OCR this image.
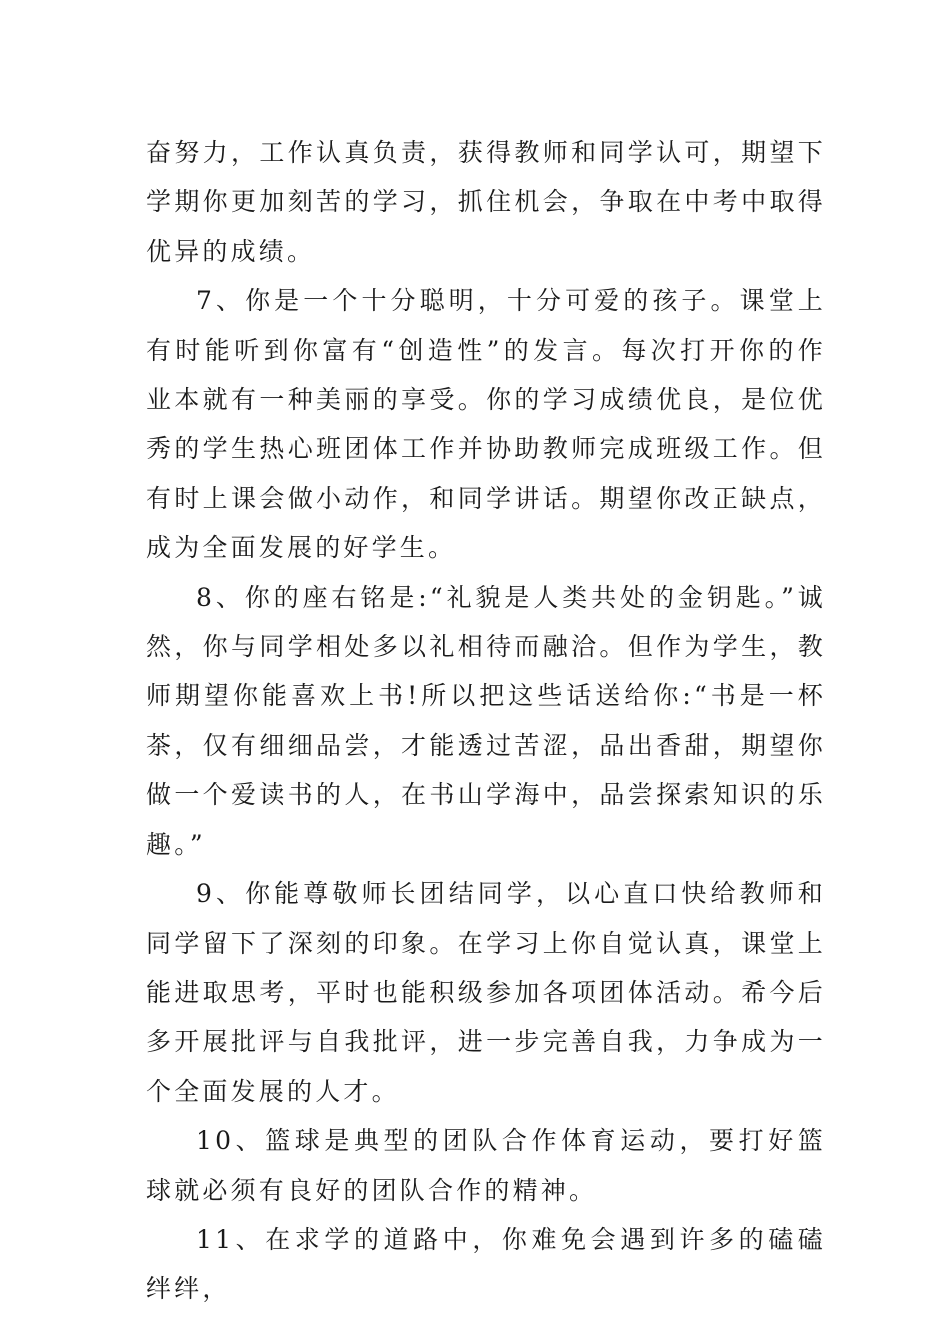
奋努力，工作认真负责，获得教师和同学认可，期望下学期你更加刻苦的学习，抓住机会，争取在中考中取得优异的成绩。

7、你是一个十分聪明，十分可爱的孩子。课堂上有时能听到你富有“创造性”的发言。每次打开你的作业本就有一种美丽的享受。你的学习成绩优良，是位优秀的学生热心班团体工作并协助教师完成班级工作。但有时上课会做小动作，和同学讲话。期望你改正缺点，成为全面发展的好学生。

8、你的座右铭是:“礼貌是人类共处的金钥匙。”诚然，你与同学相处多以礼相待而融洽。但作为学生，教师期望你能喜欢上书!所以把这些话送给你:“书是一杯茶，仅有细细品尝，才能透过苦涩，品出香甜，期望你做一个爱读书的人，在书山学海中，品尝探索知识的乐趣。”

9、你能尊敬师长团结同学，以心直口快给教师和同学留下了深刻的印象。在学习上你自觉认真，课堂上能进取思考，平时也能积级参加各项团体活动。希今后多开展批评与自我批评，进一步完善自我，力争成为一个全面发展的人才。

10、篮球是典型的团队合作体育运动，要打好篮球就必须有良好的团队合作的精神。

11、在求学的道路中，你难免会遇到许多的磕磕绊绊，
